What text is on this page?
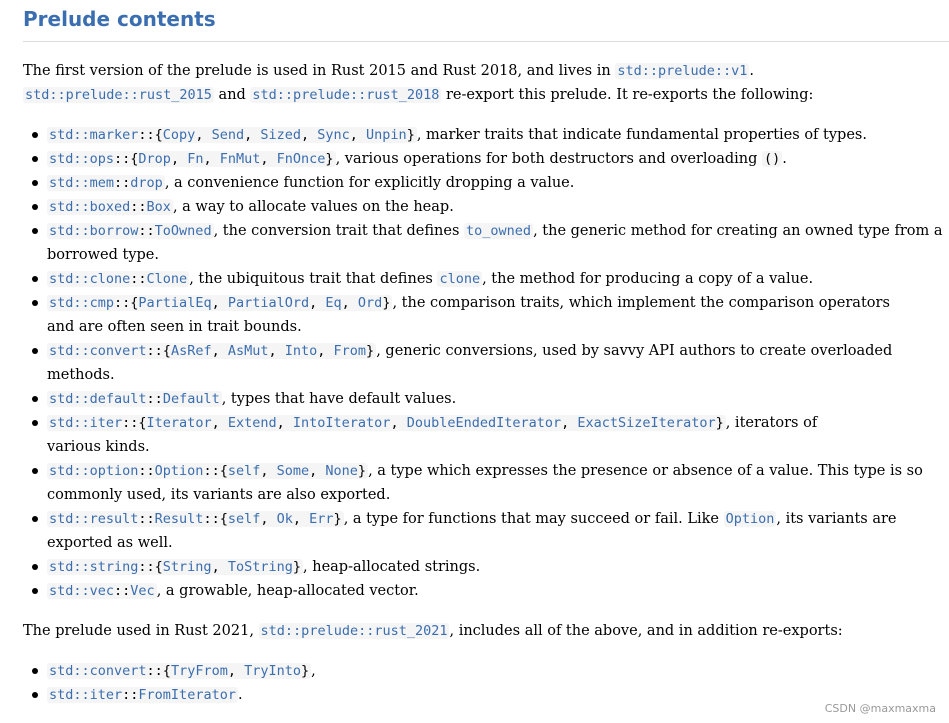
Prelude contents

The first version of the prelude is used in Rust 2015 and Rust 2018, and lives in std::prelude::v1 .
std::prelude::rust_2015 and std::prelude::rust_2018 re-export this prelude. It re-exports the following:

std::marker::{Copy, Send, Sized, Sync, Unpin} , marker traits that indicate fundamental properties of types.
std::ops::{Drop, Fn, FnMut, FnOnce} , various operations for both destructors and overloading () .
std::mem::drop , a convenience function for explicitly dropping a value.
std::boxed::Box , a way to allocate values on the heap.
std::borrow::ToOwned , the conversion trait that defines to_owned , the generic method for creating an owned type from a
borrowed type.
std::clone::Clone , the ubiquitous trait that defines clone , the method for producing a copy of a value.
std::cmp::{PartialEq, PartialOrd, Eq, Ord} , the comparison traits, which implement the comparison operators
and are often seen in trait bounds.
std::convert::{AsRef, AsMut, Into, From} , generic conversions, used by savvy API authors to create overloaded
methods.
std::default::Default , types that have default values.
std::iter::{Iterator, Extend, IntoIterator, DoubleEndedIterator, ExactSizeIterator} , iterators of
various kinds.
std::option::Option::{self, Some, None} , a type which expresses the presence or absence of a value. This type is so
commonly used, its variants are also exported.
std::result::Result::{self, Ok, Err} , a type for functions that may succeed or fail. Like Option , its variants are
exported as well.
std::string::{String, ToString} , heap-allocated strings.
std::vec::Vec , a growable, heap-allocated vector.

The prelude used in Rust 2021, std::prelude::rust_2021 , includes all of the above, and in addition re-exports:

std::convert::{TryFrom, TryInto} ,
std::iter::FromIterator .
CSDN @maxmaxma
